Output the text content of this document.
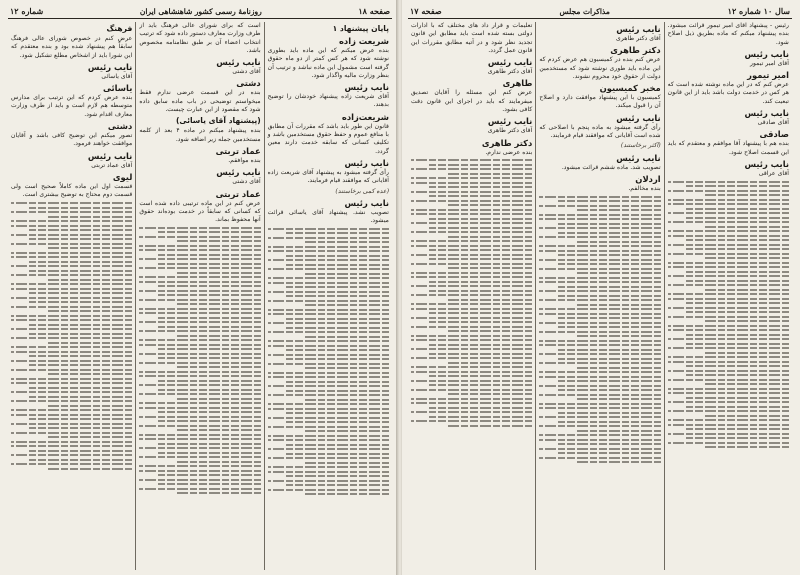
صفحه ۱۸
روزنامهٔ رسمی کشور شاهنشاهی ایران
شماره ۱۲
پایان پیشنهاد ۱
شریعت زاده

بنده عرض میکنم که این ماده باید بطوری نوشته شود که هر کس کمتر از دو ماه حقوق گرفته است مشمول این ماده نباشد و ترتیب آن بنظر وزارت مالیه واگذار شود.

نایب رئیس

آقای شریعت زاده پیشنهاد خودشان را توضیح بدهند.

شریعت‌زاده

قانون این طور باید باشد که مقررات آن مطابق با منافع عموم و حفظ حقوق مستخدمین باشد و تکلیف کسانی که سابقه خدمت دارند معین گردد.

نایب رئیس

رأی گرفته میشود به پیشنهاد آقای شریعت زاده آقایانی که موافقند قیام فرمایند.

(عده کمی برخاستند)
نایب رئیس

تصویب نشد. پیشنهاد آقای یاسائی قرائت میشود.

است که برای شورای عالی فرهنگ باید از طرف وزارت معارف دستور داده شود که ترتیب انتخاب اعضاء آن بر طبق نظامنامه مخصوص باشد.

نایب رئیس

آقای دشتی

دشتی

بنده در این قسمت عرضی ندارم فقط میخواستم توضیحی در باب ماده سابق داده شود که مقصود از این عبارت چیست.

(پیشنهاد آقای یاسائی)

بنده پیشنهاد میکنم در ماده ۴ بعد از کلمه مستخدمین جمله زیر اضافه شود.

عماد تربتی

بنده موافقم.

نایب رئیس

آقای دشتی

عماد تربتی

عرض کنم در این ماده ترتیبی داده شده است که کسانی که سابقاً در خدمت بوده‌اند حقوق آنها محفوظ بماند.

فرهنگ

عرض کنم در خصوص شورای عالی فرهنگ سابقاً هم پیشنهاد شده بود و بنده معتقدم که این شورا باید از اشخاص مطلع تشکیل شود.

نایب رئیس

آقای یاسائی

یاسائی

بنده عرض کردم که این ترتیب برای مدارس متوسطه هم لازم است و باید از طرف وزارت معارف اقدام شود.

دشتی

تصور میکنم این توضیح کافی باشد و آقایان موافقت خواهند فرمود.

نایب رئیس

آقای عماد تربتی

لیوی

قسمت اول این ماده کاملاً صحیح است ولی قسمت دوم محتاج به توضیح بیشتری است.

سال ۱۰ شماره ۱۲
مذاکرات مجلس
صفحه ۱۷

رئیس - پیشنهاد آقای امیر تیمور قرائت میشود. بنده پیشنهاد میکنم که ماده بطریق ذیل اصلاح شود.

نایب رئیس

آقای امیر تیمور

امیر تیمور

عرض کنم که در این ماده نوشته شده است که هر کس در خدمت دولت باشد باید از این قانون تبعیت کند.

نایب رئیس

آقای صادقی

صادقی

بنده هم با پیشنهاد آقا موافقم و معتقدم که باید این قسمت اصلاح شود.

نایب رئیس

آقای عراقی

نایب رئیس

آقای دکتر طاهری

دکتر طاهری

عرض کنم بنده در کمیسیون هم عرض کردم که این ماده باید طوری نوشته شود که مستخدمین دولت از حقوق خود محروم نشوند.

مخبر کمیسیون

کمیسیون با این پیشنهاد موافقت دارد و اصلاح آن را قبول میکند.

نایب رئیس

رأی گرفته میشود به ماده پنجم با اصلاحی که شده است آقایانی که موافقند قیام فرمایند.

(اکثر برخاستند)
نایب رئیس

تصویب شد. ماده ششم قرائت میشود.

اردلان

بنده مخالفم.

تعلیمات و قرار داد های مختلف که با ادارات دولتی بسته شده است باید مطابق این قانون تجدید نظر شود و در آتیه مطابق مقررات این قانون عمل گردد.

نایب رئیس

آقای دکتر طاهری

طاهری

عرض کنم این مسئله را آقایان تصدیق میفرمایند که باید در اجرای این قانون دقت کافی بشود.

نایب رئیس

آقای دکتر طاهری

دکتر طاهری

بنده عرضی ندارم.
